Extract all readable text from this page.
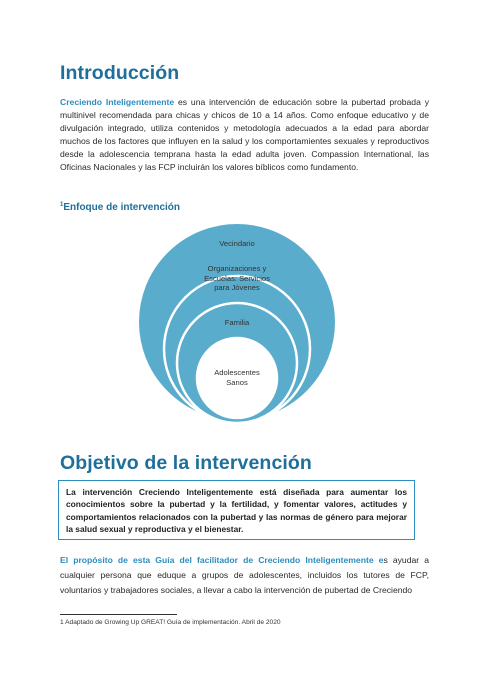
Introducción
Creciendo Inteligentemente es una intervención de educación sobre la pubertad probada y multinivel recomendada para chicas y chicos de 10 a 14 años. Como enfoque educativo y de divulgación integrado, utiliza contenidos y metodología adecuados a la edad para abordar muchos de los factores que influyen en la salud y los comportamientes sexuales y reproductivos desde la adolescencia temprana hasta la edad adulta joven. Compassion International, las Oficinas Nacionales y las FCP incluirán los valores bíblicos como fundamento.
$^1$Enfoque de intervención
Vecindario
Organizaciones y Escuelas: Servicios para Jóvenes
Familia
Adolescentes Sanos
Objetivo de la intervención
La intervención Creciendo Inteligentemente está diseñada para aumentar los conocimientos sobre la pubertad y la fertilidad, y fomentar valores, actitudes y comportamientos relacionados con la pubertad y las normas de género para mejorar la salud sexual y reproductiva y el bienestar.
El propósito de esta Guía del facilitador de Creciendo Inteligentemente es ayudar a cualquier persona que eduque a grupos de adolescentes, incluidos los tutores de FCP, voluntarios y trabajadores sociales, a llevar a cabo la intervención de pubertad de Creciendo
1 Adaptado de Growing Up GREAT! Guía de implementación. Abril de 2020
